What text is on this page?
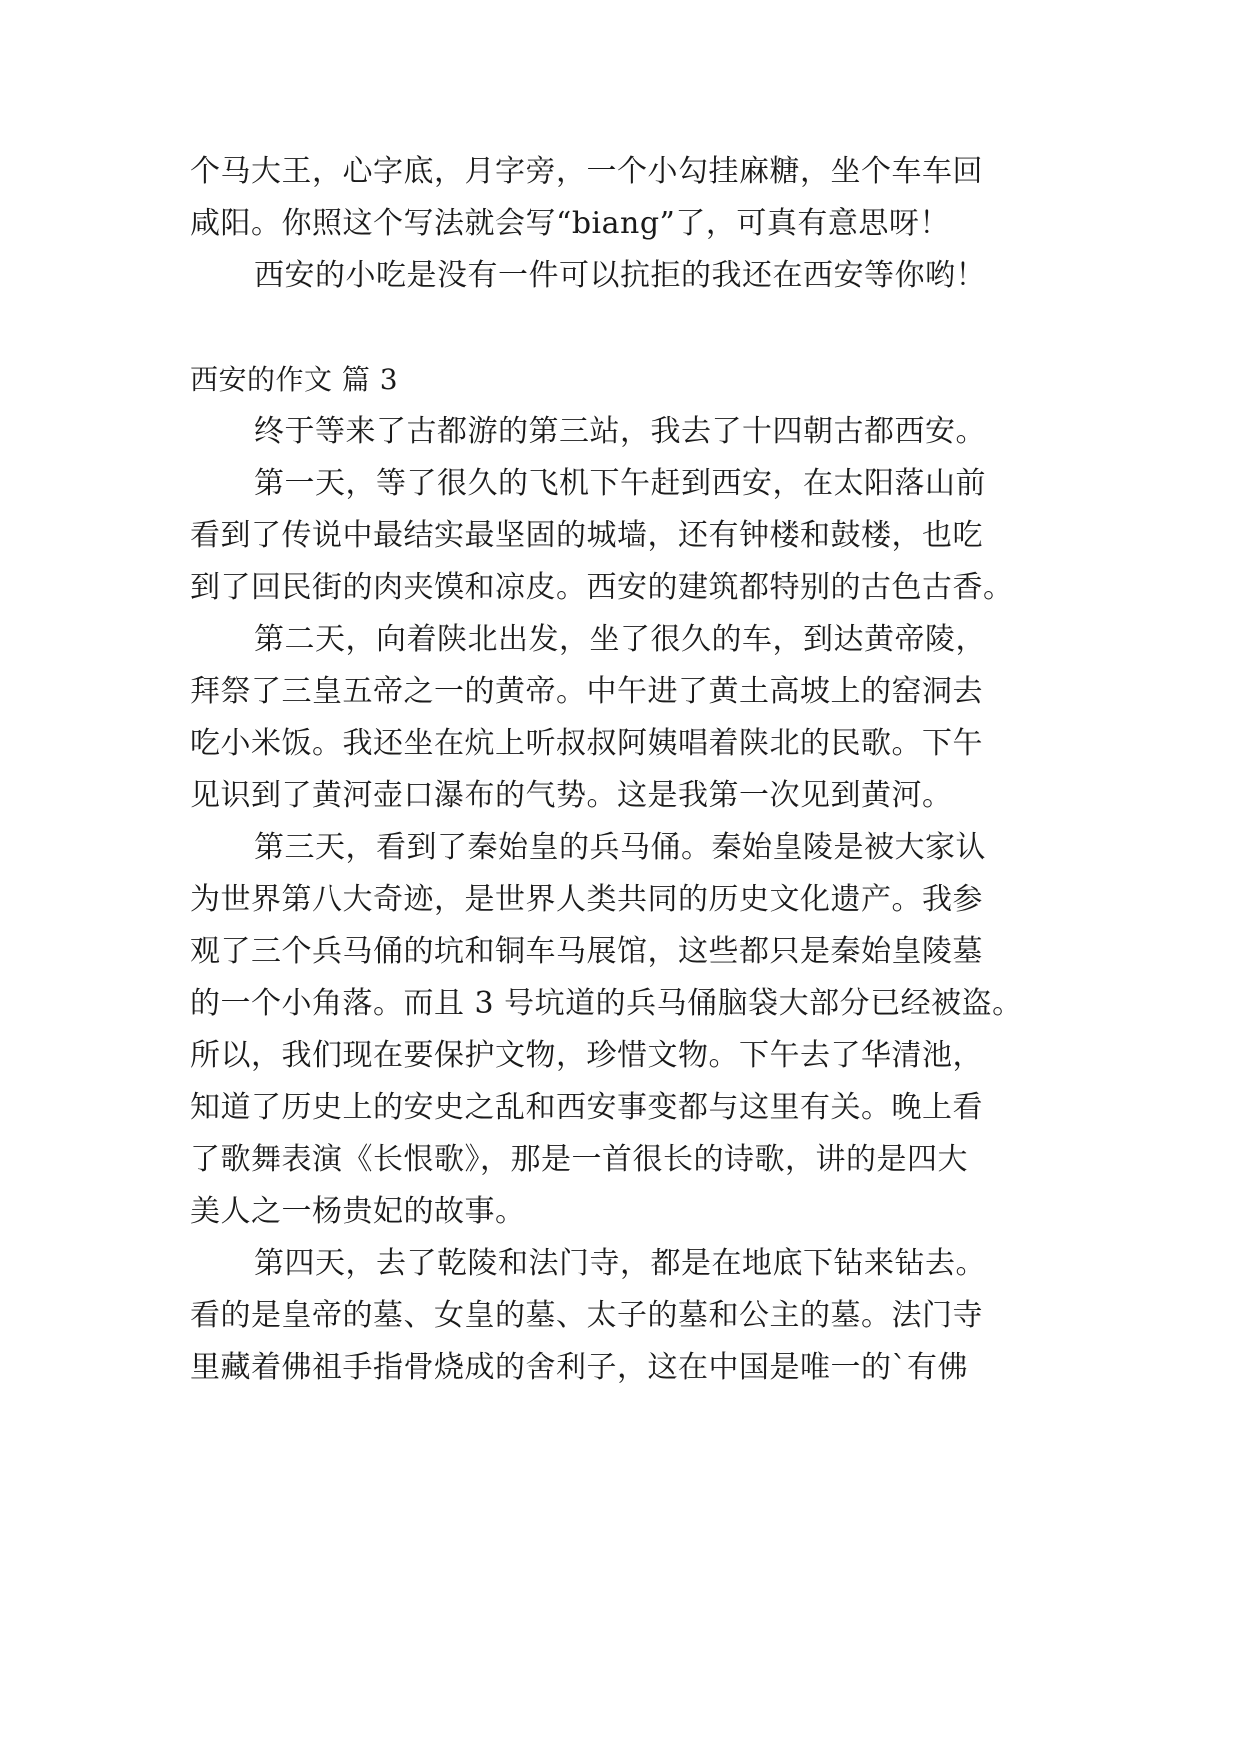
个马大王，心字底，月字旁，一个小勾挂麻糖，坐个车车回
咸阳。你照这个写法就会写“biang”了，可真有意思呀！
西安的小吃是没有一件可以抗拒的我还在西安等你哟！
西安的作文 篇 3
终于等来了古都游的第三站，我去了十四朝古都西安。
第一天，等了很久的飞机下午赶到西安，在太阳落山前
看到了传说中最结实最坚固的城墙，还有钟楼和鼓楼，也吃
到了回民街的肉夹馍和凉皮。西安的建筑都特别的古色古香。
第二天，向着陕北出发，坐了很久的车，到达黄帝陵，
拜祭了三皇五帝之一的黄帝。中午进了黄土高坡上的窑洞去
吃小米饭。我还坐在炕上听叔叔阿姨唱着陕北的民歌。下午
见识到了黄河壶口瀑布的气势。这是我第一次见到黄河。
第三天，看到了秦始皇的兵马俑。秦始皇陵是被大家认
为世界第八大奇迹，是世界人类共同的历史文化遗产。我参
观了三个兵马俑的坑和铜车马展馆，这些都只是秦始皇陵墓
的一个小角落。而且 3 号坑道的兵马俑脑袋大部分已经被盗。
所以，我们现在要保护文物，珍惜文物。下午去了华清池，
知道了历史上的安史之乱和西安事变都与这里有关。晚上看
了歌舞表演《长恨歌》，那是一首很长的诗歌，讲的是四大
美人之一杨贵妃的故事。
第四天，去了乾陵和法门寺，都是在地底下钻来钻去。
看的是皇帝的墓、女皇的墓、太子的墓和公主的墓。法门寺
里藏着佛祖手指骨烧成的舍利子，这在中国是唯一的`有佛
